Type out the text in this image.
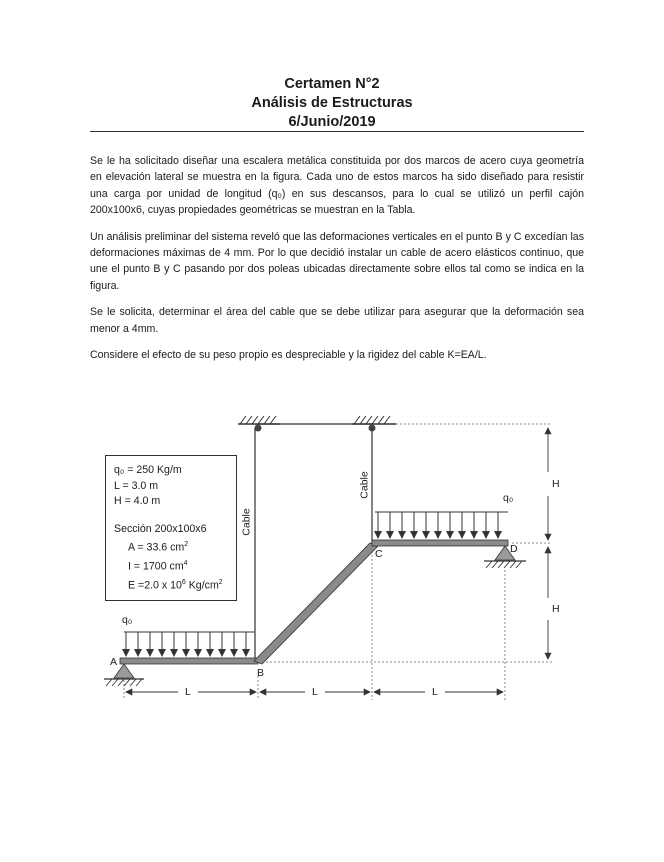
Certamen N°2
Análisis de Estructuras
6/Junio/2019

Se le ha solicitado diseñar una escalera metálica constituida por dos marcos de acero cuya geometría en elevación lateral se muestra en la figura. Cada uno de estos marcos ha sido diseñado para resistir una carga por unidad de longitud (q₀) en sus descansos, para lo cual se utilizó un perfil cajón 200x100x6, cuyas propiedades geométricas se muestran en la Tabla.

Un análisis preliminar del sistema reveló que las deformaciones verticales en el punto B y C excedían las deformaciones máximas de 4 mm. Por lo que decidió instalar un cable de acero elásticos continuo, que une el punto B y C pasando por dos poleas ubicadas directamente sobre ellos tal como se indica en la figura.

Se le solicita, determinar el área del cable que se debe utilizar para asegurar que la deformación sea menor a 4mm.

Considere el efecto de su peso propio es despreciable y la rigidez del cable K=EA/L.

q₀ = 250 Kg/m
L = 3.0 m
H = 4.0 m
Sección 200x100x6
A = 33.6 $cm^2$
I = 1700 $cm^4$
E =2.0 x $10^6$ $Kg/cm^2$
A
B
C	D
q₀
q₀
Cable
Cable
L	L	L
H
H
